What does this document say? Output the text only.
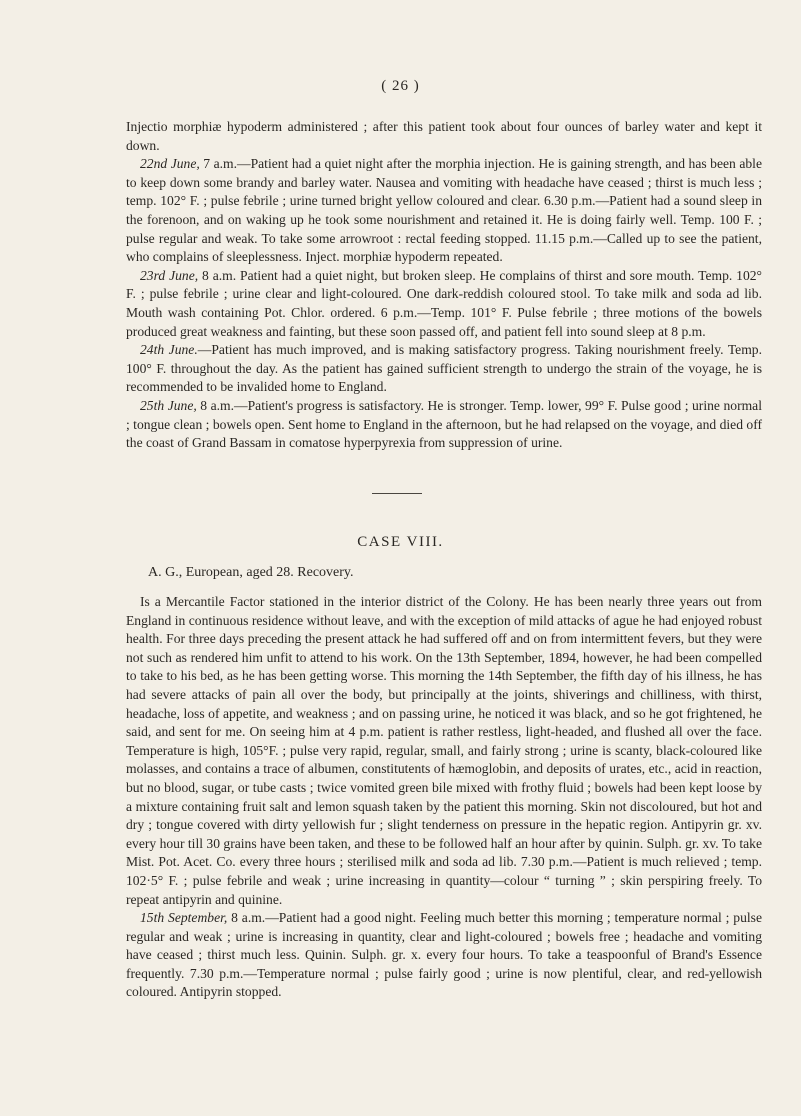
( 26 )

Injectio morphiæ hypoderm administered ; after this patient took about four ounces of barley water and kept it down.

22nd June, 7 a.m.—Patient had a quiet night after the morphia injection. He is gaining strength, and has been able to keep down some brandy and barley water. Nausea and vomiting with headache have ceased ; thirst is much less ; temp. 102° F. ; pulse febrile ; urine turned bright yellow coloured and clear. 6.30 p.m.—Patient had a sound sleep in the forenoon, and on waking up he took some nourishment and retained it. He is doing fairly well. Temp. 100 F. ; pulse regular and weak. To take some arrowroot : rectal feeding stopped. 11.15 p.m.—Called up to see the patient, who complains of sleeplessness. Inject. morphiæ hypoderm repeated.

23rd June, 8 a.m. Patient had a quiet night, but broken sleep. He complains of thirst and sore mouth. Temp. 102° F. ; pulse febrile ; urine clear and light-coloured. One dark-reddish coloured stool. To take milk and soda ad lib. Mouth wash containing Pot. Chlor. ordered. 6 p.m.—Temp. 101° F. Pulse febrile ; three motions of the bowels produced great weakness and fainting, but these soon passed off, and patient fell into sound sleep at 8 p.m.

24th June.—Patient has much improved, and is making satisfactory progress. Taking nourishment freely. Temp. 100° F. throughout the day. As the patient has gained sufficient strength to undergo the strain of the voyage, he is recommended to be invalided home to England.

25th June, 8 a.m.—Patient's progress is satisfactory. He is stronger. Temp. lower, 99° F. Pulse good ; urine normal ; tongue clean ; bowels open. Sent home to England in the afternoon, but he had relapsed on the voyage, and died off the coast of Grand Bassam in comatose hyperpyrexia from suppression of urine.

CASE VIII.
A. G., European, aged 28. Recovery.

Is a Mercantile Factor stationed in the interior district of the Colony. He has been nearly three years out from England in continuous residence without leave, and with the exception of mild attacks of ague he had enjoyed robust health. For three days preceding the present attack he had suffered off and on from intermittent fevers, but they were not such as rendered him unfit to attend to his work. On the 13th September, 1894, however, he had been compelled to take to his bed, as he has been getting worse. This morning the 14th September, the fifth day of his illness, he has had severe attacks of pain all over the body, but principally at the joints, shiverings and chilliness, with thirst, headache, loss of appetite, and weakness ; and on passing urine, he noticed it was black, and so he got frightened, he said, and sent for me. On seeing him at 4 p.m. patient is rather restless, light-headed, and flushed all over the face. Temperature is high, 105°F. ; pulse very rapid, regular, small, and fairly strong ; urine is scanty, black-coloured like molasses, and contains a trace of albumen, constitutents of hæmoglobin, and deposits of urates, etc., acid in reaction, but no blood, sugar, or tube casts ; twice vomited green bile mixed with frothy fluid ; bowels had been kept loose by a mixture containing fruit salt and lemon squash taken by the patient this morning. Skin not discoloured, but hot and dry ; tongue covered with dirty yellowish fur ; slight tenderness on pressure in the hepatic region. Antipyrin gr. xv. every hour till 30 grains have been taken, and these to be followed half an hour after by quinin. Sulph. gr. xv. To take Mist. Pot. Acet. Co. every three hours ; sterilised milk and soda ad lib. 7.30 p.m.—Patient is much relieved ; temp. 102·5° F. ; pulse febrile and weak ; urine increasing in quantity—colour “ turning ” ; skin perspiring freely. To repeat antipyrin and quinine.

15th September, 8 a.m.—Patient had a good night. Feeling much better this morning ; temperature normal ; pulse regular and weak ; urine is increasing in quantity, clear and light-coloured ; bowels free ; headache and vomiting have ceased ; thirst much less. Quinin. Sulph. gr. x. every four hours. To take a teaspoonful of Brand's Essence frequently. 7.30 p.m.—Temperature normal ; pulse fairly good ; urine is now plentiful, clear, and red-yellowish coloured. Antipyrin stopped.
